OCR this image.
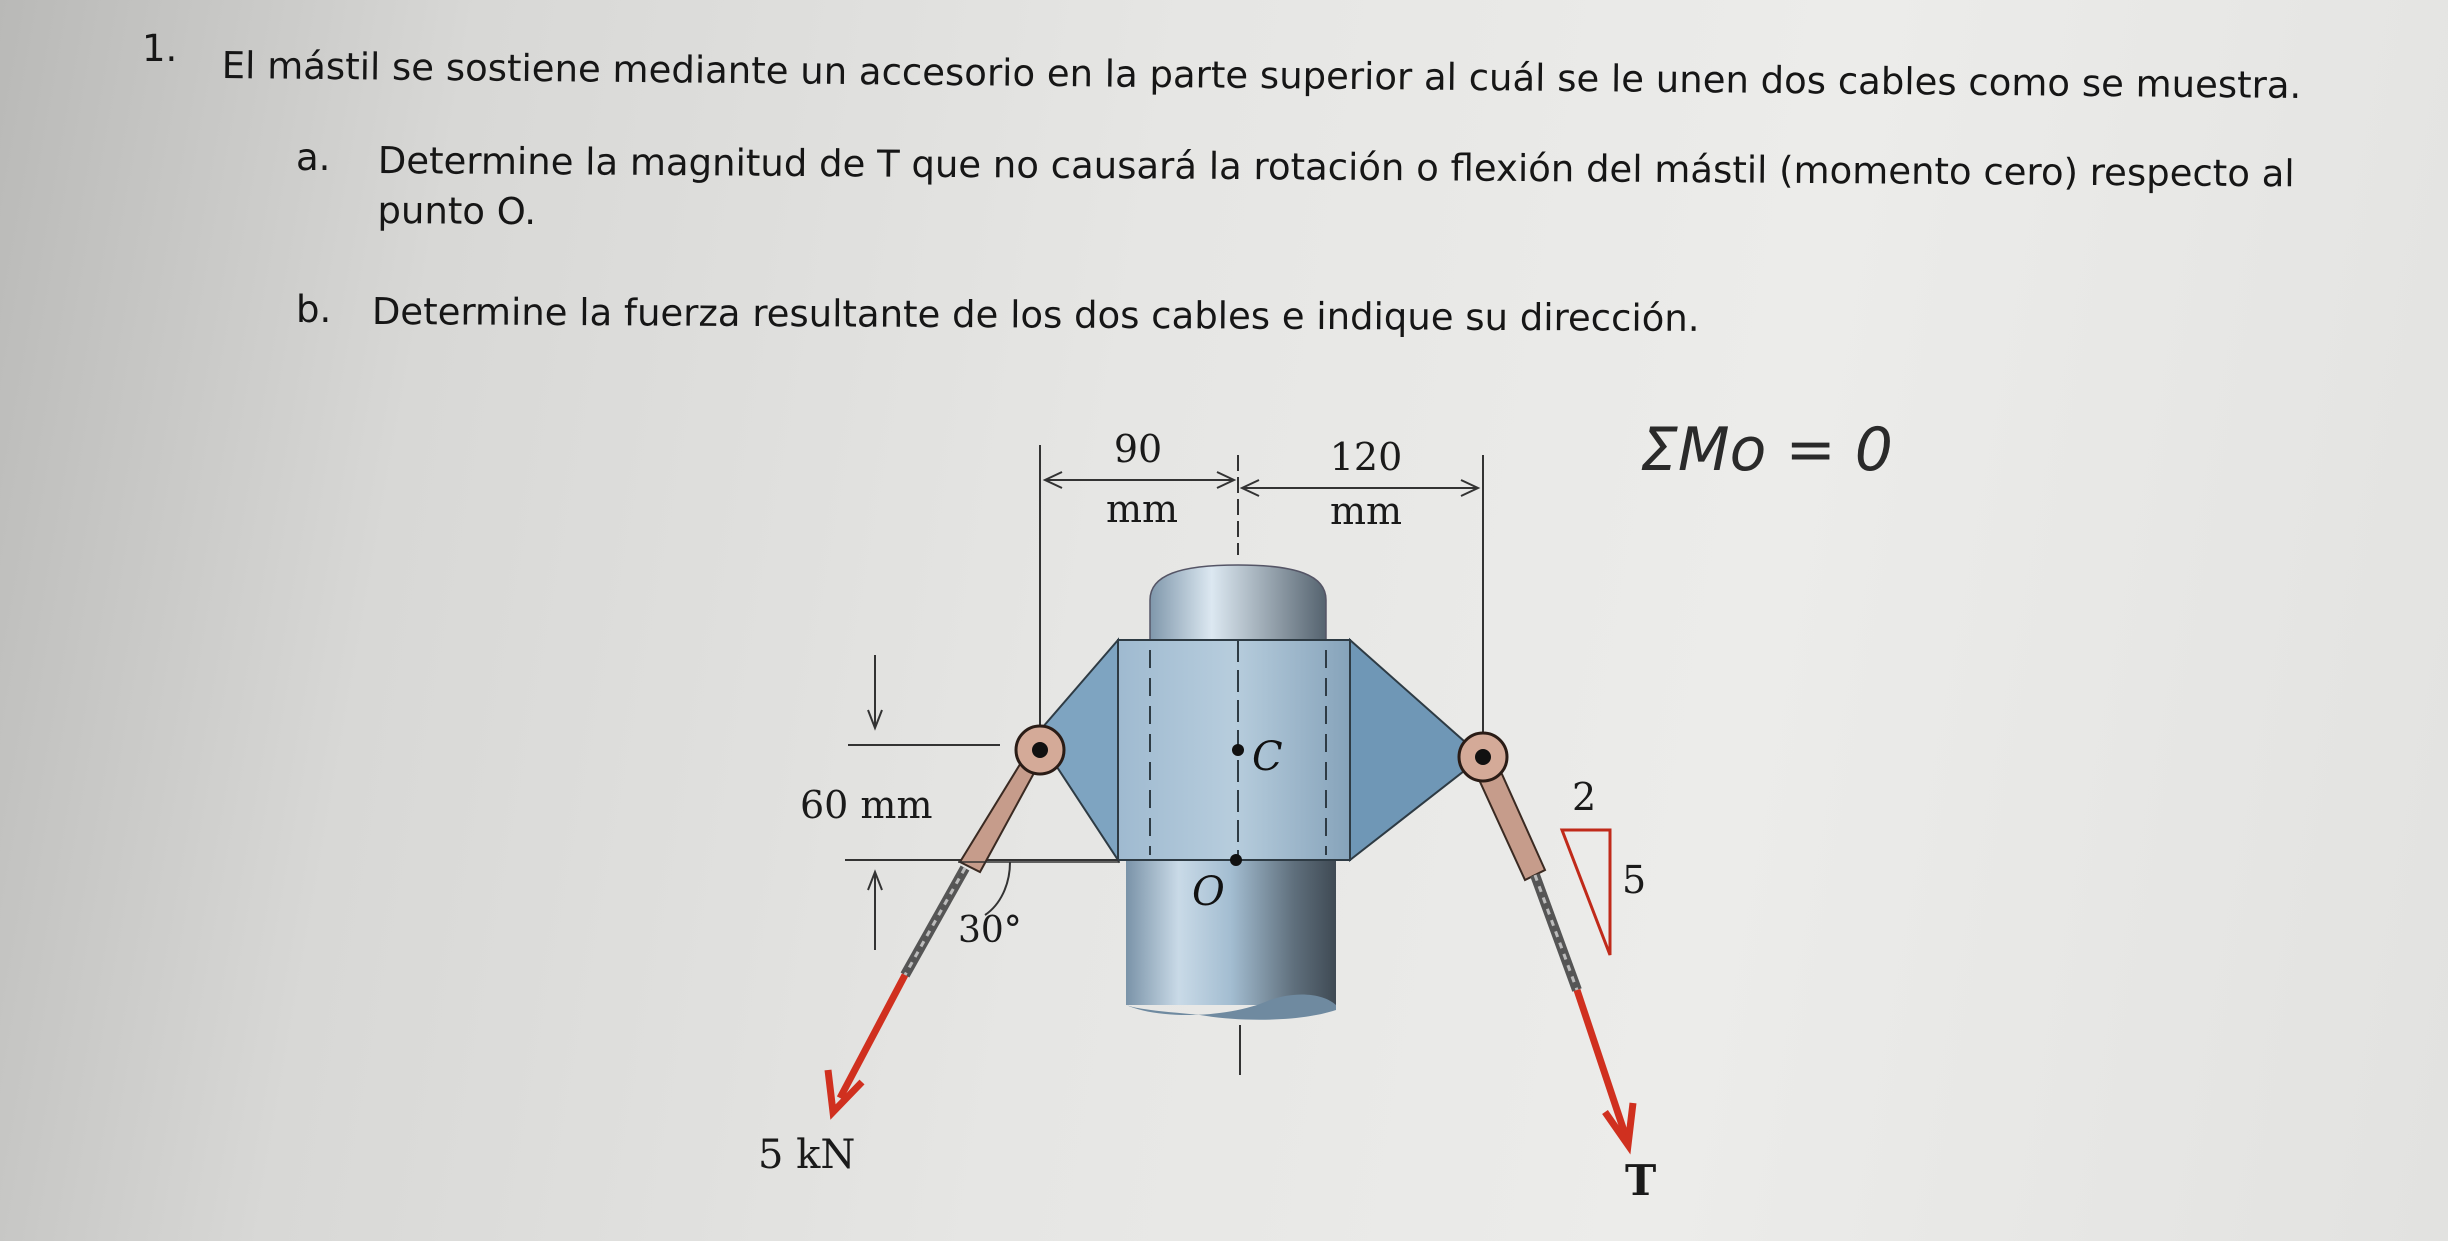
1. El mástil se sostiene mediante un accesorio en la parte superior al cuál se le unen dos cables como se muestra.
a. Determine la magnitud de T que no causará la rotación o flexión del mástil (momento cero) respecto al punto O.
b. Determine la fuerza resultante de los dos cables e indique su dirección.
90
mm
120
mm
C
O
60 mm
5 kN
30°
T
2
5
ΣMo = 0
